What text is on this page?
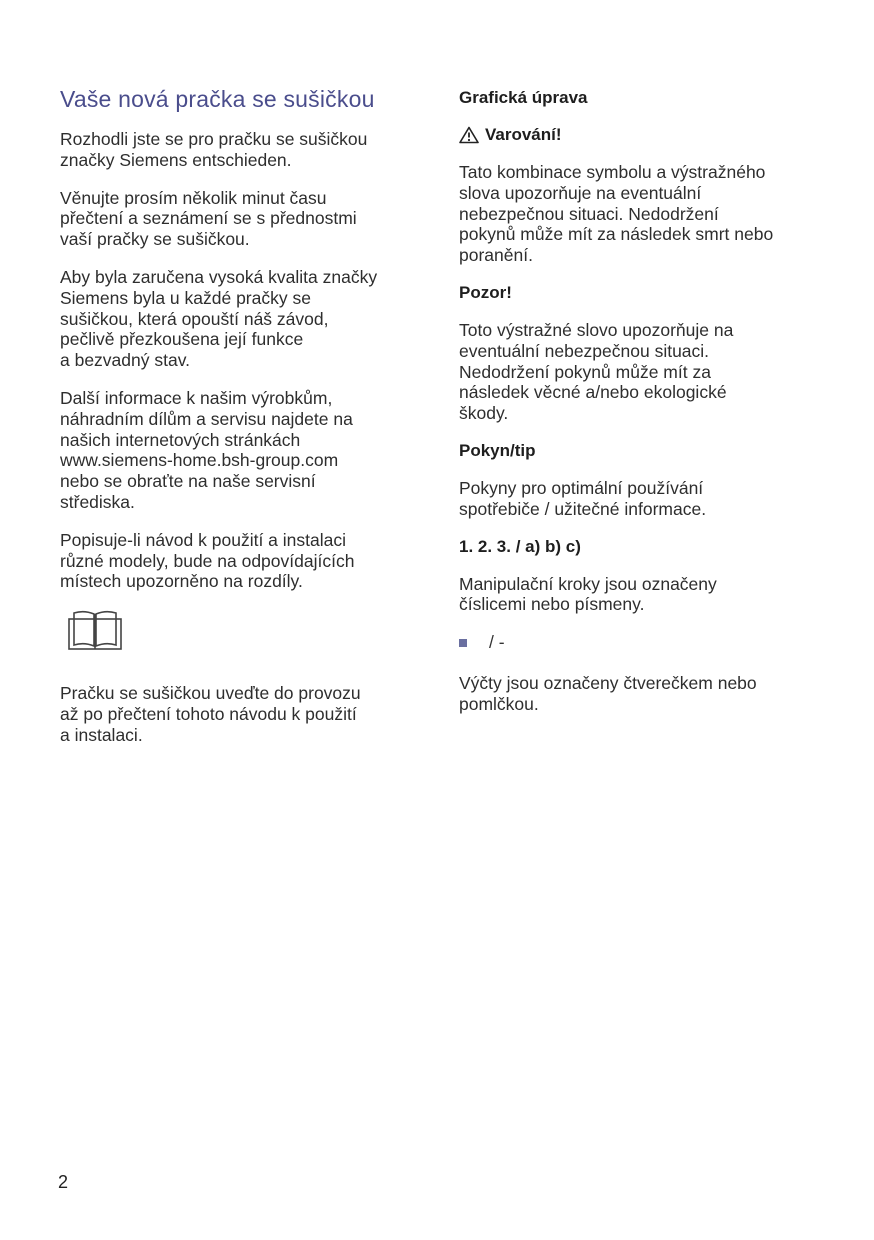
Vaše nová pračka se sušičkou

Rozhodli jste se pro pračku se sušičkou
značky Siemens entschieden.

Věnujte prosím několik minut času
přečtení a seznámení se s přednostmi
vaší pračky se sušičkou.

Aby byla zaručena vysoká kvalita značky
Siemens byla u každé pračky se
sušičkou, která opouští náš závod,
pečlivě přezkoušena její funkce
a bezvadný stav.

Další informace k našim výrobkům,
náhradním dílům a servisu najdete na
našich internetových stránkách
www.siemens-home.bsh-group.com
nebo se obraťte na naše servisní
střediska.

Popisuje-li návod k použití a instalaci
různé modely, bude na odpovídajících
místech upozorněno na rozdíly.

Pračku se sušičkou uveďte do provozu
až po přečtení tohoto návodu k použití
a instalaci.

Grafická úprava
Varování!

Tato kombinace symbolu a výstražného
slova upozorňuje na eventuální
nebezpečnou situaci. Nedodržení
pokynů může mít za následek smrt nebo
poranění.

Pozor!

Toto výstražné slovo upozorňuje na
eventuální nebezpečnou situaci.
Nedodržení pokynů může mít za
následek věcné a/nebo ekologické
škody.

Pokyn/tip

Pokyny pro optimální používání
spotřebiče / užitečné informace.

1. 2. 3. / a) b) c)

Manipulační kroky jsou označeny
číslicemi nebo písmeny.

/ -

Výčty jsou označeny čtverečkem nebo
pomlčkou.

2
